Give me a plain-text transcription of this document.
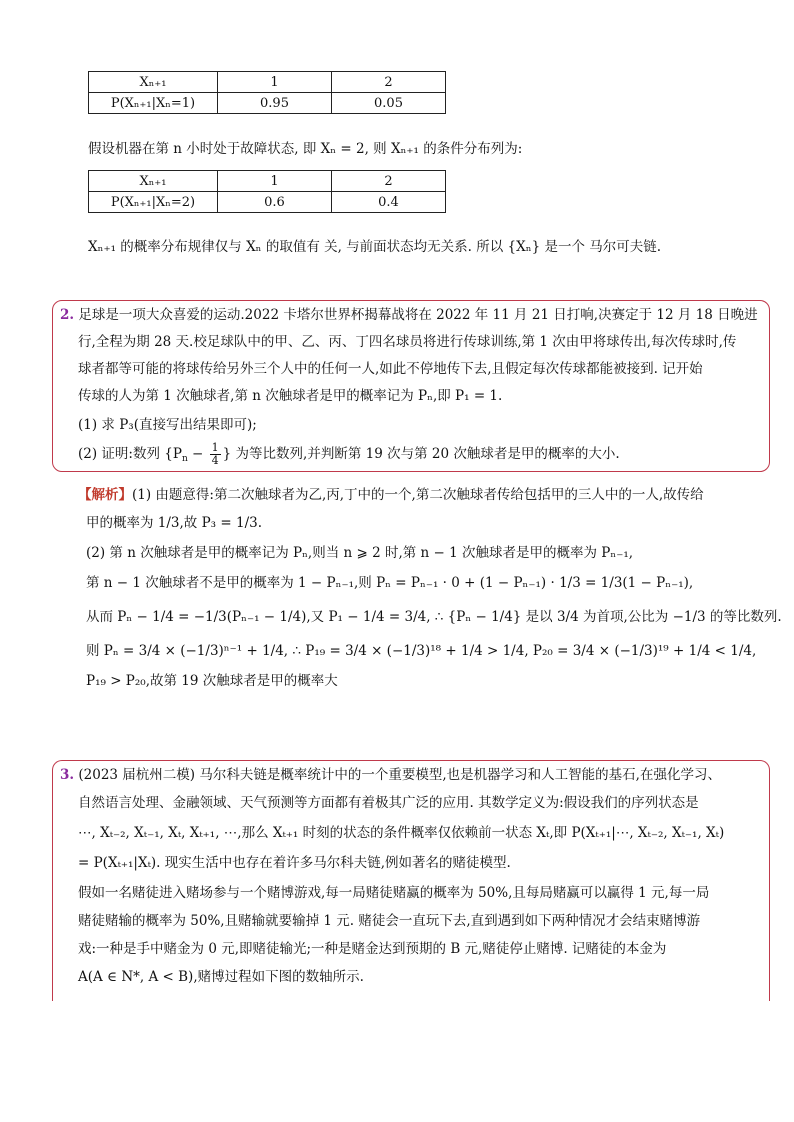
Xₙ₊₁	1	2
P(Xₙ₊₁|Xₙ=1)	0.95	0.05
假设机器在第 n 小时处于故障状态, 即 Xₙ = 2, 则 Xₙ₊₁ 的条件分布列为:
Xₙ₊₁	1	2
P(Xₙ₊₁|Xₙ=2)	0.6	0.4
Xₙ₊₁ 的概率分布规律仅与 Xₙ 的取值有 关, 与前面状态均无关系. 所以 {Xₙ} 是一个 马尔可夫链.
2. 足球是一项大众喜爱的运动.2022 卡塔尔世界杯揭幕战将在 2022 年 11 月 21 日打响,决赛定于 12 月 18 日晚进
行,全程为期 28 天.校足球队中的甲、乙、丙、丁四名球员将进行传球训练,第 1 次由甲将球传出,每次传球时,传
球者都等可能的将球传给另外三个人中的任何一人,如此不停地传下去,且假定每次传球都能被接到. 记开始
传球的人为第 1 次触球者,第 n 次触球者是甲的概率记为 Pₙ,即 P₁ = 1.
(1) 求 P₃(直接写出结果即可);
(2) 证明:数列 {$P_n - \frac{1}{4}$ } 为等比数列,并判断第 19 次与第 20 次触球者是甲的概率的大小.
【解析】(1) 由题意得:第二次触球者为乙,丙,丁中的一个,第二次触球者传给包括甲的三人中的一人,故传给
甲的概率为 1/3,故 P₃ = 1/3.
(2) 第 n 次触球者是甲的概率记为 Pₙ,则当 n ⩾ 2 时,第 n − 1 次触球者是甲的概率为 Pₙ₋₁,
第 n − 1 次触球者不是甲的概率为 1 − Pₙ₋₁,则 Pₙ = Pₙ₋₁ · 0 + (1 − Pₙ₋₁) · 1/3 = 1/3(1 − Pₙ₋₁),
从而 Pₙ − 1/4 = −1/3(Pₙ₋₁ − 1/4),又 P₁ − 1/4 = 3/4, ∴ {Pₙ − 1/4} 是以 3/4 为首项,公比为 −1/3 的等比数列.
则 Pₙ = 3/4 × (−1/3)ⁿ⁻¹ + 1/4, ∴ P₁₉ = 3/4 × (−1/3)¹⁸ + 1/4 > 1/4, P₂₀ = 3/4 × (−1/3)¹⁹ + 1/4 < 1/4,
P₁₉ > P₂₀,故第 19 次触球者是甲的概率大
3. (2023 届杭州二模) 马尔科夫链是概率统计中的一个重要模型,也是机器学习和人工智能的基石,在强化学习、
自然语言处理、金融领域、天气预测等方面都有着极其广泛的应用. 其数学定义为:假设我们的序列状态是
⋯, Xₜ₋₂, Xₜ₋₁, Xₜ, Xₜ₊₁, ⋯,那么 Xₜ₊₁ 时刻的状态的条件概率仅依赖前一状态 Xₜ,即 P(Xₜ₊₁|⋯, Xₜ₋₂, Xₜ₋₁, Xₜ)
= P(Xₜ₊₁|Xₜ). 现实生活中也存在着许多马尔科夫链,例如著名的赌徒模型.
假如一名赌徒进入赌场参与一个赌博游戏,每一局赌徒赌赢的概率为 50%,且每局赌赢可以赢得 1 元,每一局
赌徒赌输的概率为 50%,且赌输就要输掉 1 元. 赌徒会一直玩下去,直到遇到如下两种情况才会结束赌博游
戏:一种是手中赌金为 0 元,即赌徒输光;一种是赌金达到预期的 B 元,赌徒停止赌博. 记赌徒的本金为
A(A ∈ N*, A < B),赌博过程如下图的数轴所示.
